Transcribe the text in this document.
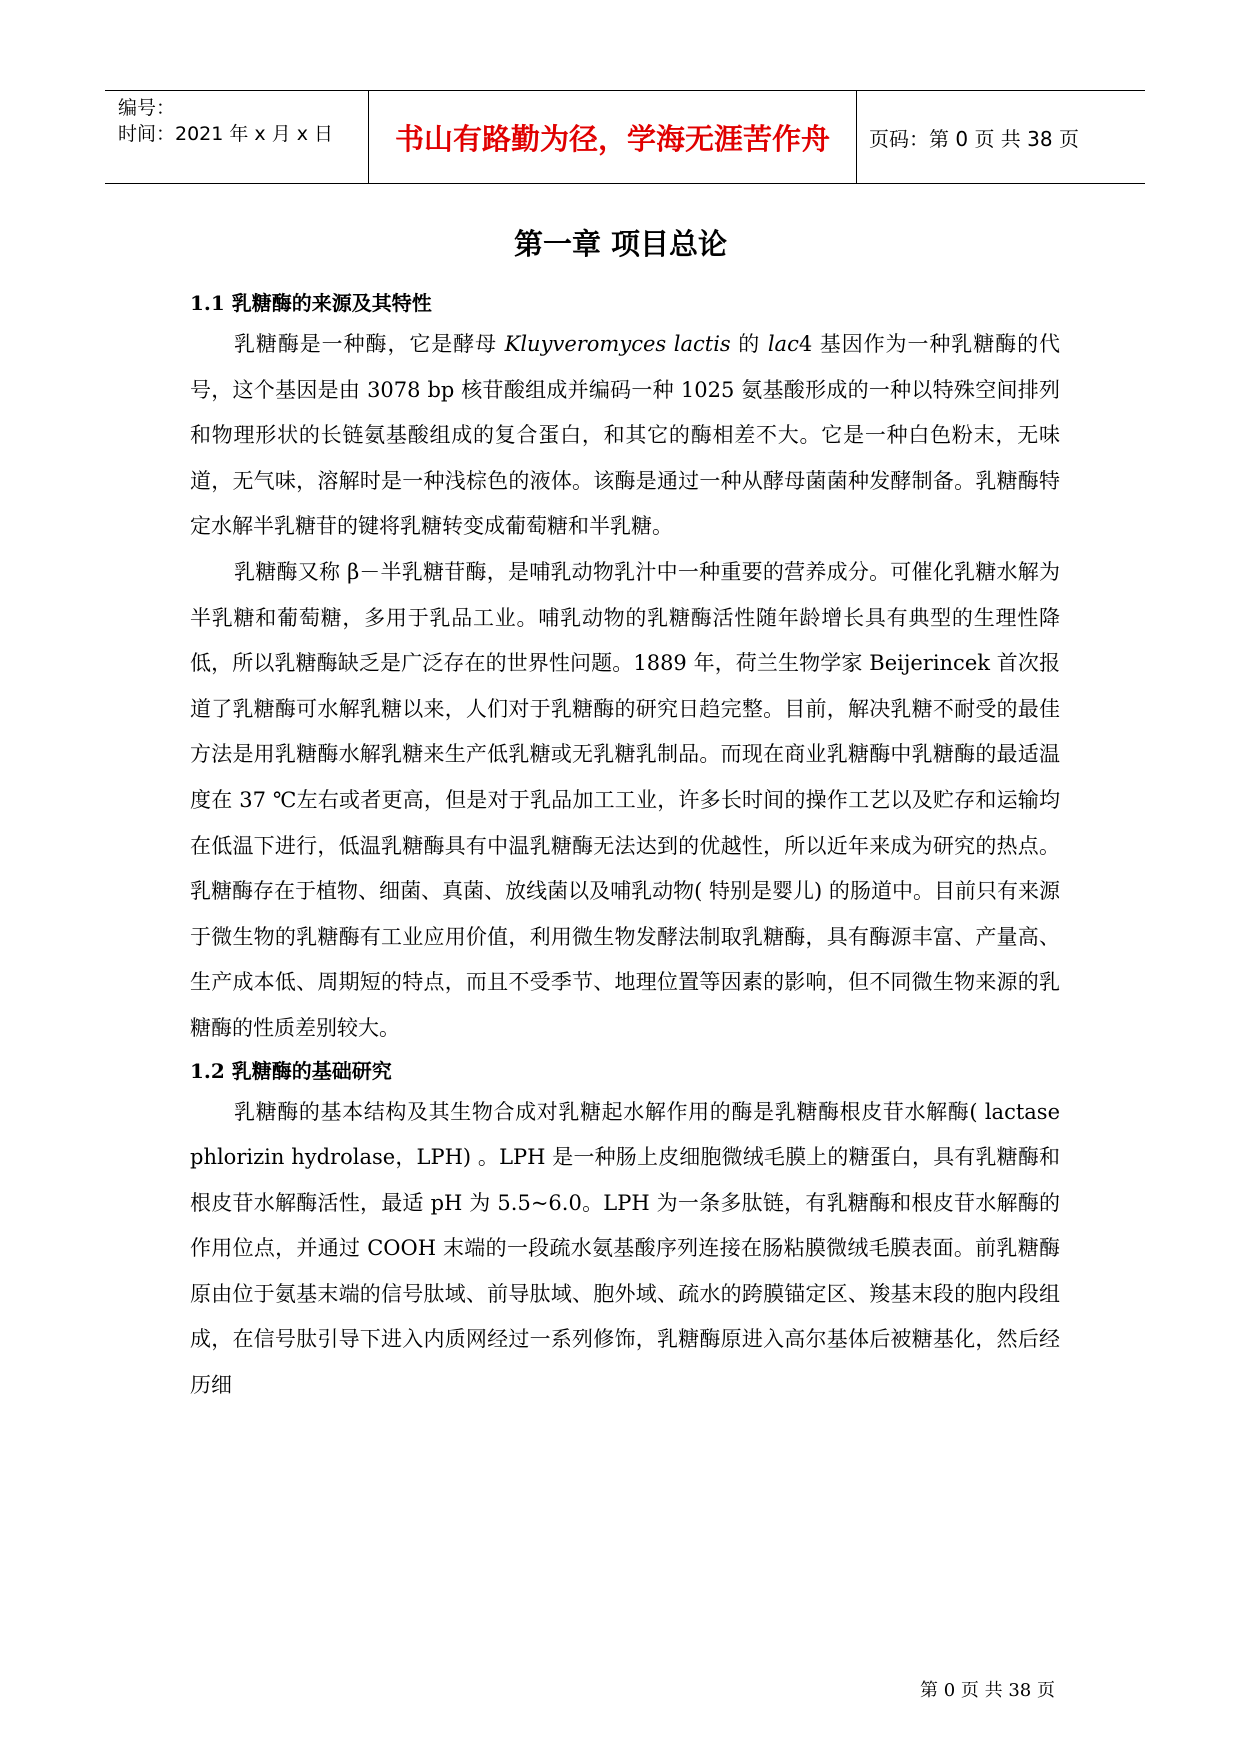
编号：
时间：2021 年 x 月 x 日	书山有路勤为径，学海无涯苦作舟	页码：第 0 页 共 38 页
第一章 项目总论

1.1 乳糖酶的来源及其特性

乳糖酶是一种酶，它是酵母 Kluyveromyces lactis 的 lac4 基因作为一种乳糖酶的代号，这个基因是由 3078 bp 核苷酸组成并编码一种 1025 氨基酸形成的一种以特殊空间排列和物理形状的长链氨基酸组成的复合蛋白，和其它的酶相差不大。它是一种白色粉末，无味道，无气味，溶解时是一种浅棕色的液体。该酶是通过一种从酵母菌菌种发酵制备。乳糖酶特定水解半乳糖苷的键将乳糖转变成葡萄糖和半乳糖。

乳糖酶又称 β－半乳糖苷酶，是哺乳动物乳汁中一种重要的营养成分。可催化乳糖水解为半乳糖和葡萄糖，多用于乳品工业。哺乳动物的乳糖酶活性随年龄增长具有典型的生理性降低，所以乳糖酶缺乏是广泛存在的世界性问题。1889 年，荷兰生物学家 Beijerincek 首次报道了乳糖酶可水解乳糖以来，人们对于乳糖酶的研究日趋完整。目前，解决乳糖不耐受的最佳方法是用乳糖酶水解乳糖来生产低乳糖或无乳糖乳制品。而现在商业乳糖酶中乳糖酶的最适温度在 37 ℃左右或者更高，但是对于乳品加工工业，许多长时间的操作工艺以及贮存和运输均在低温下进行，低温乳糖酶具有中温乳糖酶无法达到的优越性，所以近年来成为研究的热点。乳糖酶存在于植物、细菌、真菌、放线菌以及哺乳动物( 特别是婴儿) 的肠道中。目前只有来源于微生物的乳糖酶有工业应用价值，利用微生物发酵法制取乳糖酶，具有酶源丰富、产量高、生产成本低、周期短的特点，而且不受季节、地理位置等因素的影响，但不同微生物来源的乳糖酶的性质差别较大。

1.2 乳糖酶的基础研究

乳糖酶的基本结构及其生物合成对乳糖起水解作用的酶是乳糖酶根皮苷水解酶( lactase phlorizin hydrolase，LPH) 。LPH 是一种肠上皮细胞微绒毛膜上的糖蛋白，具有乳糖酶和根皮苷水解酶活性，最适 pH 为 5.5~6.0。LPH 为一条多肽链，有乳糖酶和根皮苷水解酶的作用位点，并通过 COOH 末端的一段疏水氨基酸序列连接在肠粘膜微绒毛膜表面。前乳糖酶原由位于氨基末端的信号肽域、前导肽域、胞外域、疏水的跨膜锚定区、羧基末段的胞内段组成，在信号肽引导下进入内质网经过一系列修饰，乳糖酶原进入高尔基体后被糖基化，然后经历细

第 0 页 共 38 页
